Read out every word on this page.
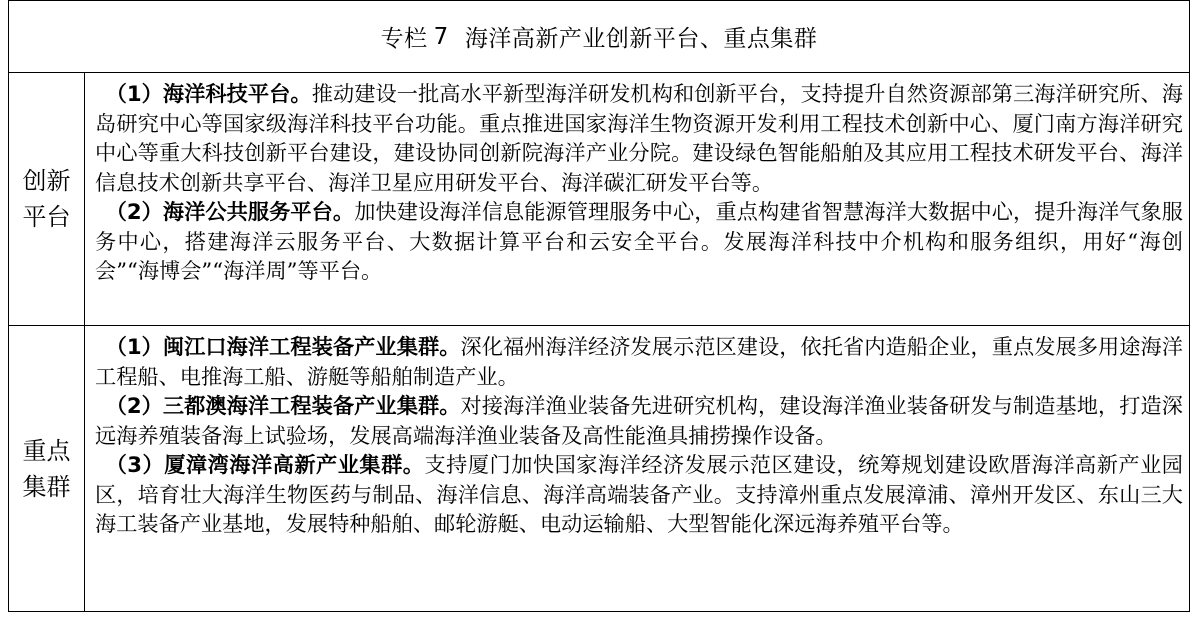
专栏 7 海洋高新产业创新平台、重点集群
创新
平台

（1）海洋科技平台。推动建设一批高水平新型海洋研发机构和创新平台，支持提升自然资源部第三海洋研究所、海岛研究中心等国家级海洋科技平台功能。重点推进国家海洋生物资源开发利用工程技术创新中心、厦门南方海洋研究中心等重大科技创新平台建设，建设协同创新院海洋产业分院。建设绿色智能船舶及其应用工程技术研发平台、海洋信息技术创新共享平台、海洋卫星应用研发平台、海洋碳汇研发平台等。

（2）海洋公共服务平台。加快建设海洋信息能源管理服务中心，重点构建省智慧海洋大数据中心，提升海洋气象服务中心，搭建海洋云服务平台、大数据计算平台和云安全平台。发展海洋科技中介机构和服务组织，用好“海创会”“海博会”“海洋周”等平台。

重点
集群

（1）闽江口海洋工程装备产业集群。深化福州海洋经济发展示范区建设，依托省内造船企业，重点发展多用途海洋工程船、电推海工船、游艇等船舶制造产业。

（2）三都澳海洋工程装备产业集群。对接海洋渔业装备先进研究机构，建设海洋渔业装备研发与制造基地，打造深远海养殖装备海上试验场，发展高端海洋渔业装备及高性能渔具捕捞操作设备。

（3）厦漳湾海洋高新产业集群。支持厦门加快国家海洋经济发展示范区建设，统筹规划建设欧厝海洋高新产业园区，培育壮大海洋生物医药与制品、海洋信息、海洋高端装备产业。支持漳州重点发展漳浦、漳州开发区、东山三大海工装备产业基地，发展特种船舶、邮轮游艇、电动运输船、大型智能化深远海养殖平台等。
